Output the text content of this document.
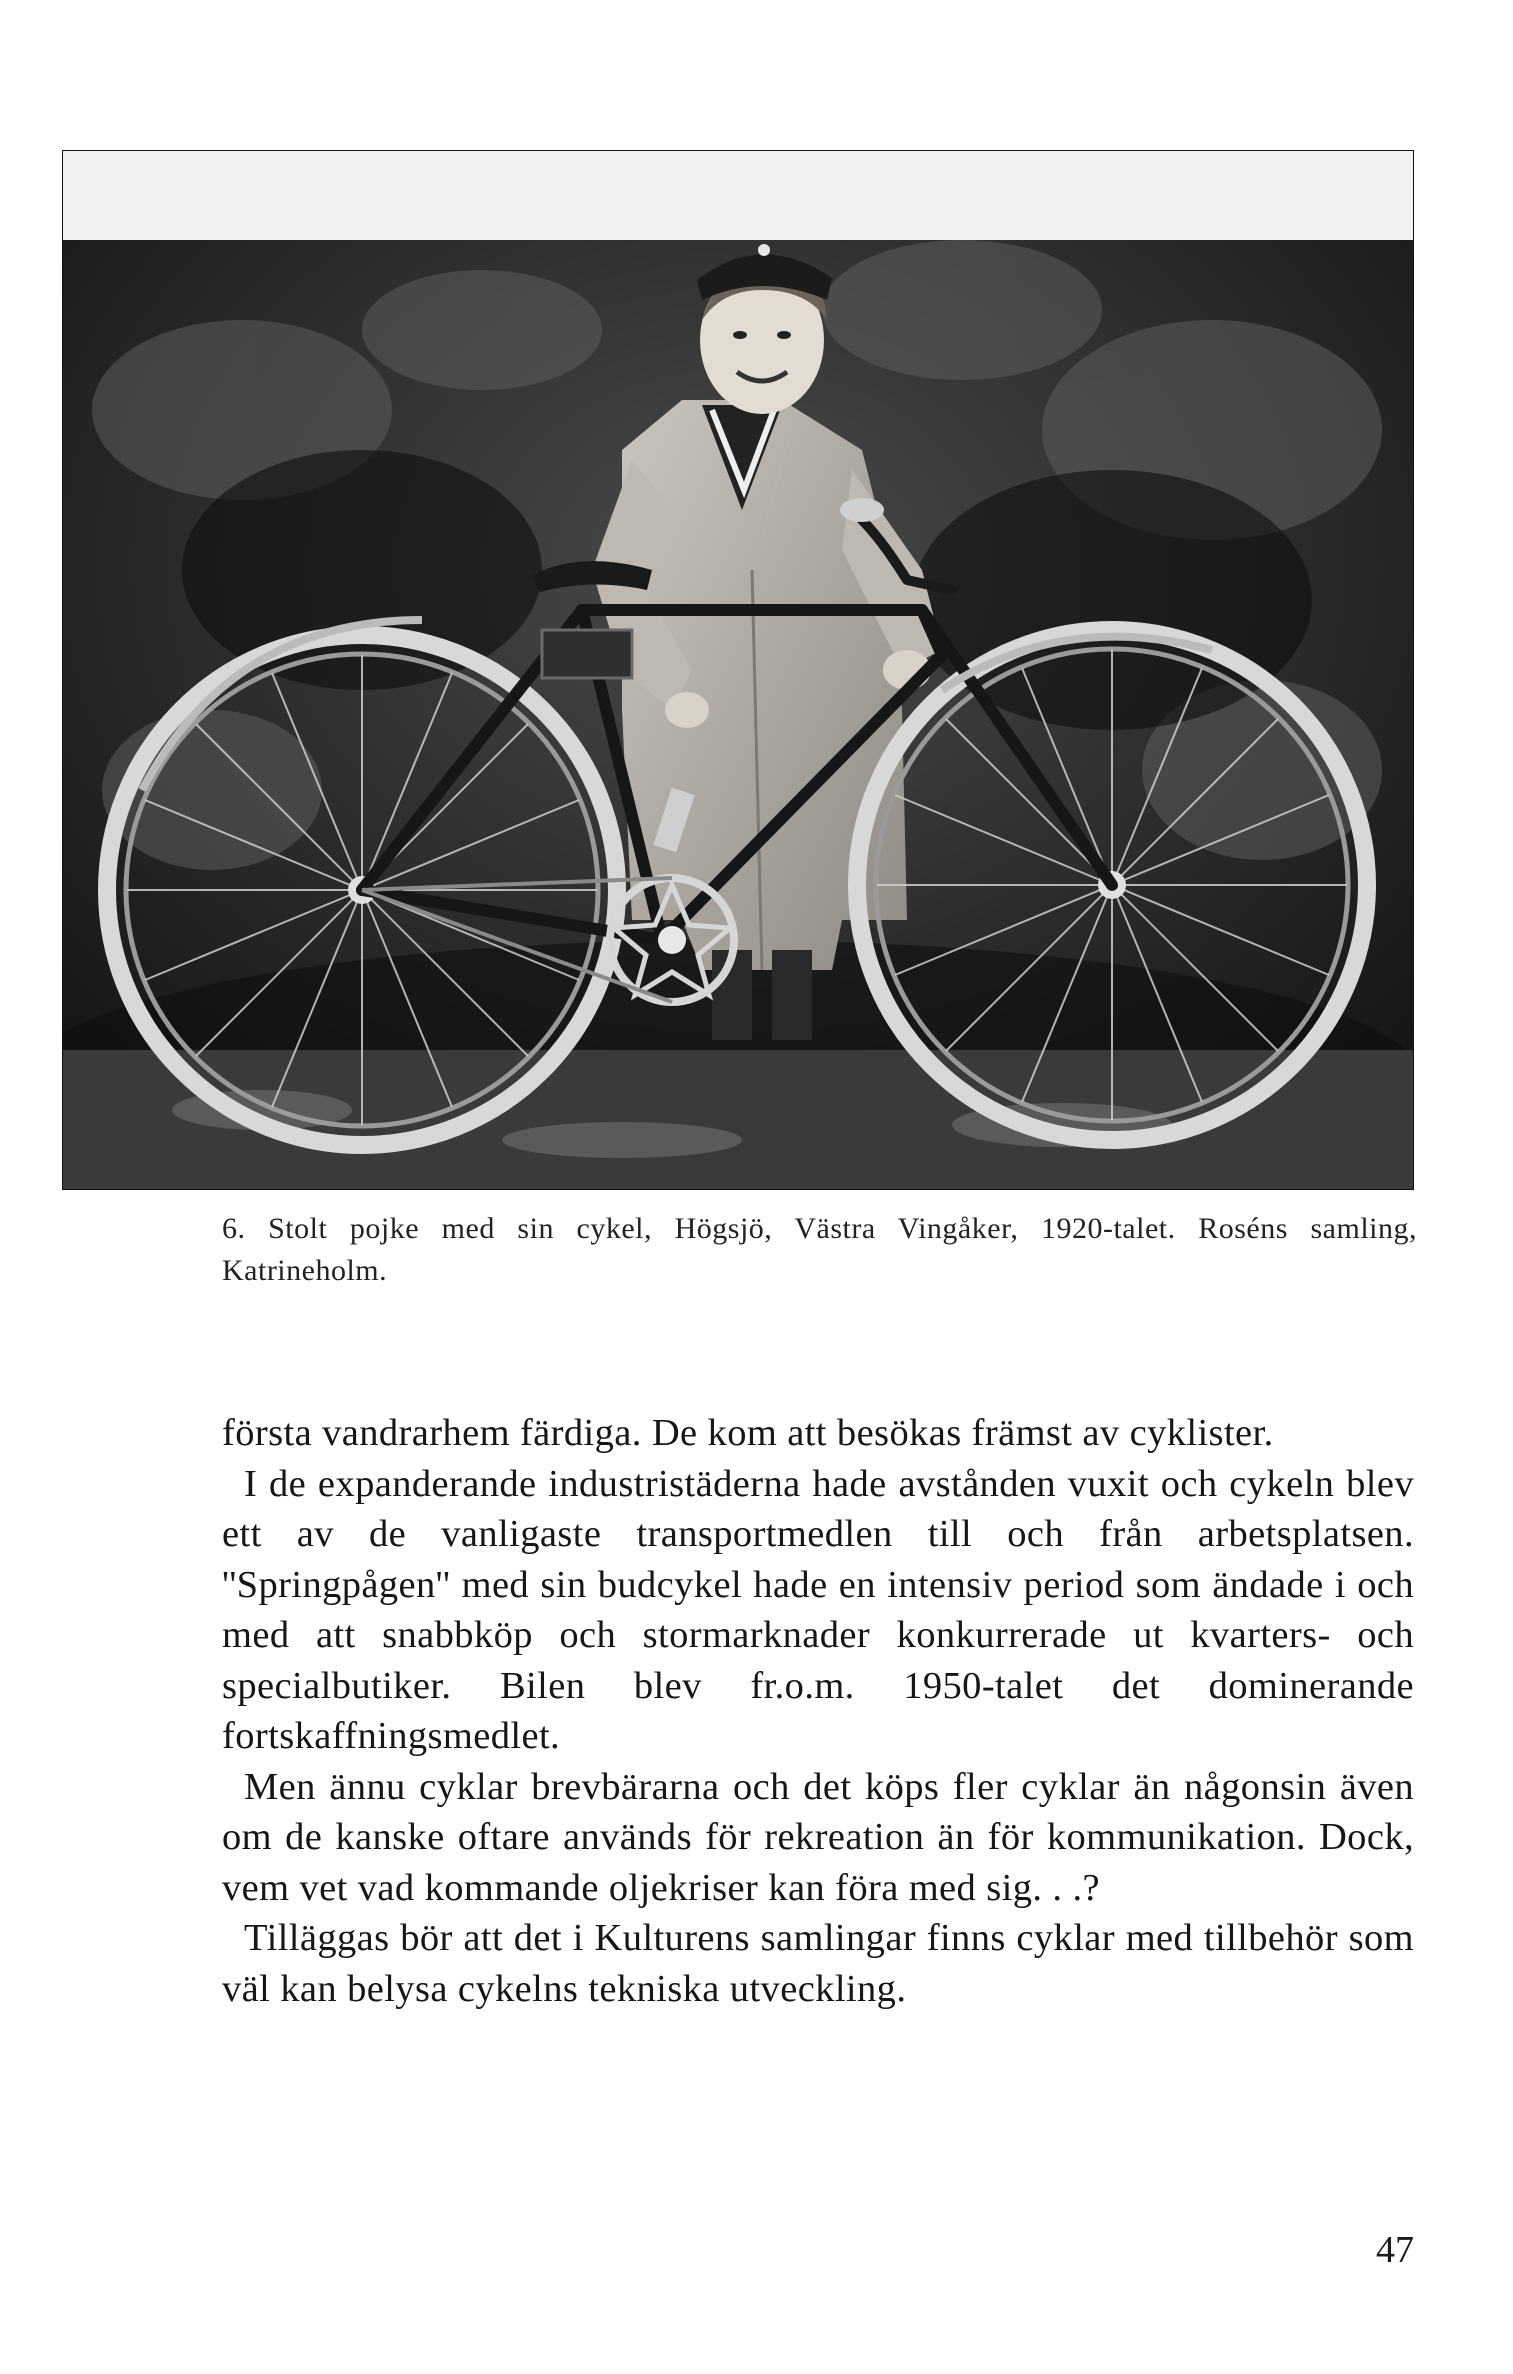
6. Stolt pojke med sin cykel, Högsjö, Västra Vingåker, 1920-talet. Roséns samling, Katrineholm.

första vandrarhem färdiga. De kom att besökas främst av cyklister.

I de expanderande industristäderna hade avstånden vuxit och cykeln blev ett av de vanligaste transportmedlen till och från arbetsplatsen. ''Springpågen'' med sin budcykel hade en intensiv period som ändade i och med att snabbköp och stormarknader konkurrerade ut kvarters- och specialbutiker. Bilen blev fr.o.m. 1950-talet det dominerande fortskaffningsmedlet.

Men ännu cyklar brevbärarna och det köps fler cyklar än någonsin även om de kanske oftare används för rekreation än för kommunikation. Dock, vem vet vad kommande oljekriser kan föra med sig. . .?

Tilläggas bör att det i Kulturens samlingar finns cyklar med tillbehör som väl kan belysa cykelns tekniska utveckling.

47
